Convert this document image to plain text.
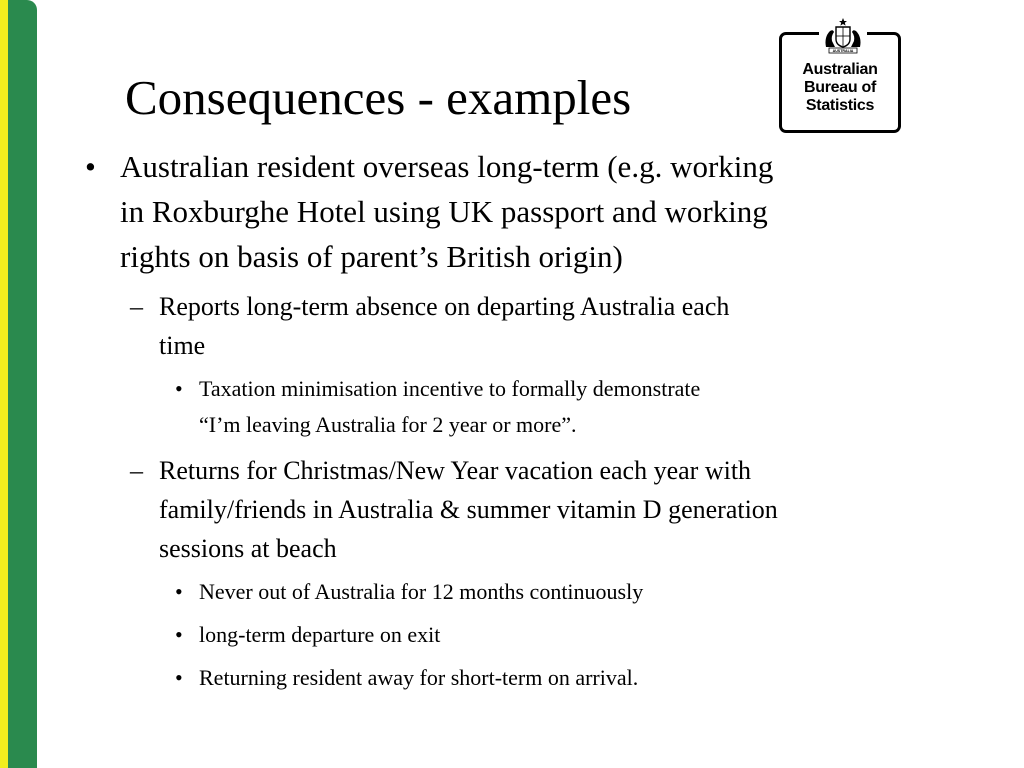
Consequences - examples
AUSTRALIA
Australian
Bureau of
Statistics
• Australian resident overseas long-term (e.g. working
in Roxburghe Hotel using UK passport and working
rights on basis of parent’s British origin)
– Reports long-term absence on departing Australia each
time
• Taxation minimisation incentive to formally demonstrate
“I’m leaving Australia for 2 year or more”.
– Returns for Christmas/New Year vacation each year with
family/friends in Australia & summer vitamin D generation
sessions at beach
• Never out of Australia for 12 months continuously
• long-term departure on exit
• Returning resident away for short-term on arrival.
